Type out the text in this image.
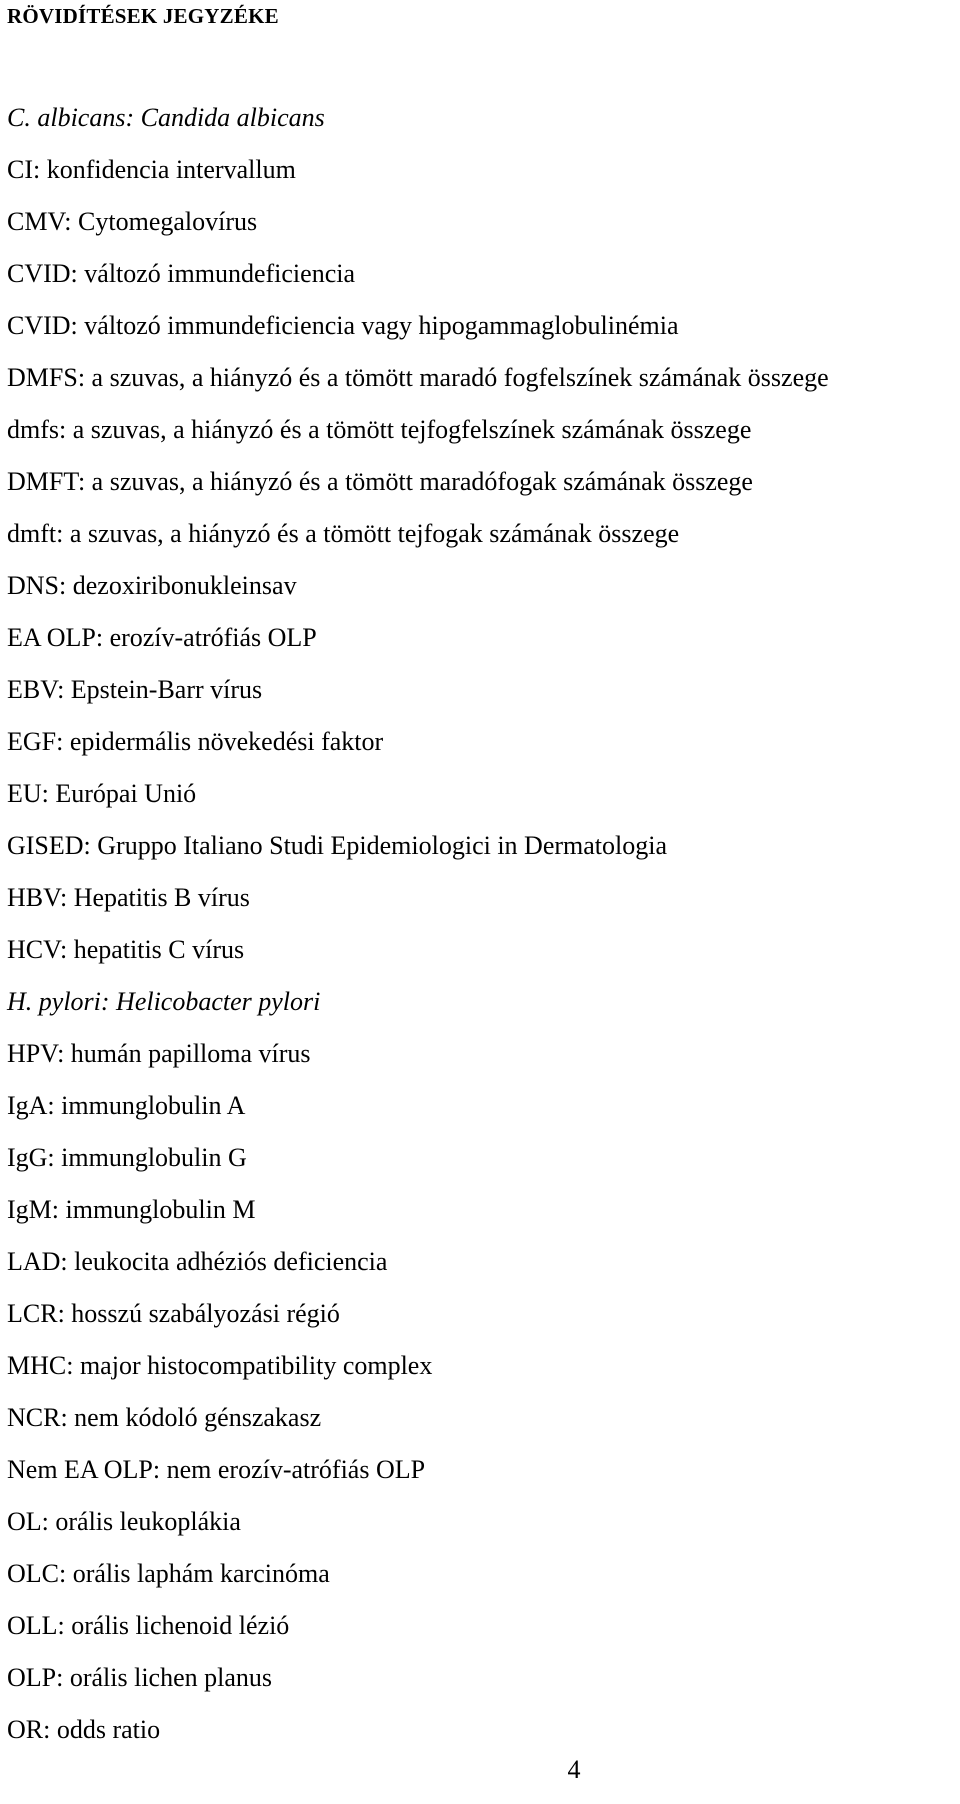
RÖVIDÍTÉSEK JEGYZÉKE
C. albicans: Candida albicans
CI: konfidencia intervallum
CMV: Cytomegalovírus
CVID: változó immundeficiencia
CVID: változó immundeficiencia vagy hipogammaglobulinémia
DMFS: a szuvas, a hiányzó és a tömött maradó fogfelszínek számának összege
dmfs: a szuvas, a hiányzó és a tömött tejfogfelszínek számának összege
DMFT: a szuvas, a hiányzó és a tömött maradófogak számának összege
dmft: a szuvas, a hiányzó és a tömött tejfogak számának összege
DNS: dezoxiribonukleinsav
EA OLP: erozív-atrófiás OLP
EBV: Epstein-Barr vírus
EGF: epidermális növekedési faktor
EU: Európai Unió
GISED: Gruppo Italiano Studi Epidemiologici in Dermatologia
HBV: Hepatitis B vírus
HCV: hepatitis C vírus
H. pylori: Helicobacter pylori
HPV: humán papilloma vírus
IgA: immunglobulin A
IgG: immunglobulin G
IgM: immunglobulin M
LAD: leukocita adhéziós deficiencia
LCR: hosszú szabályozási régió
MHC: major histocompatibility complex
NCR: nem kódoló génszakasz
Nem EA OLP: nem erozív-atrófiás OLP
OL: orális leukoplákia
OLC: orális laphám karcinóma
OLL: orális lichenoid lézió
OLP: orális lichen planus
OR: odds ratio
4
